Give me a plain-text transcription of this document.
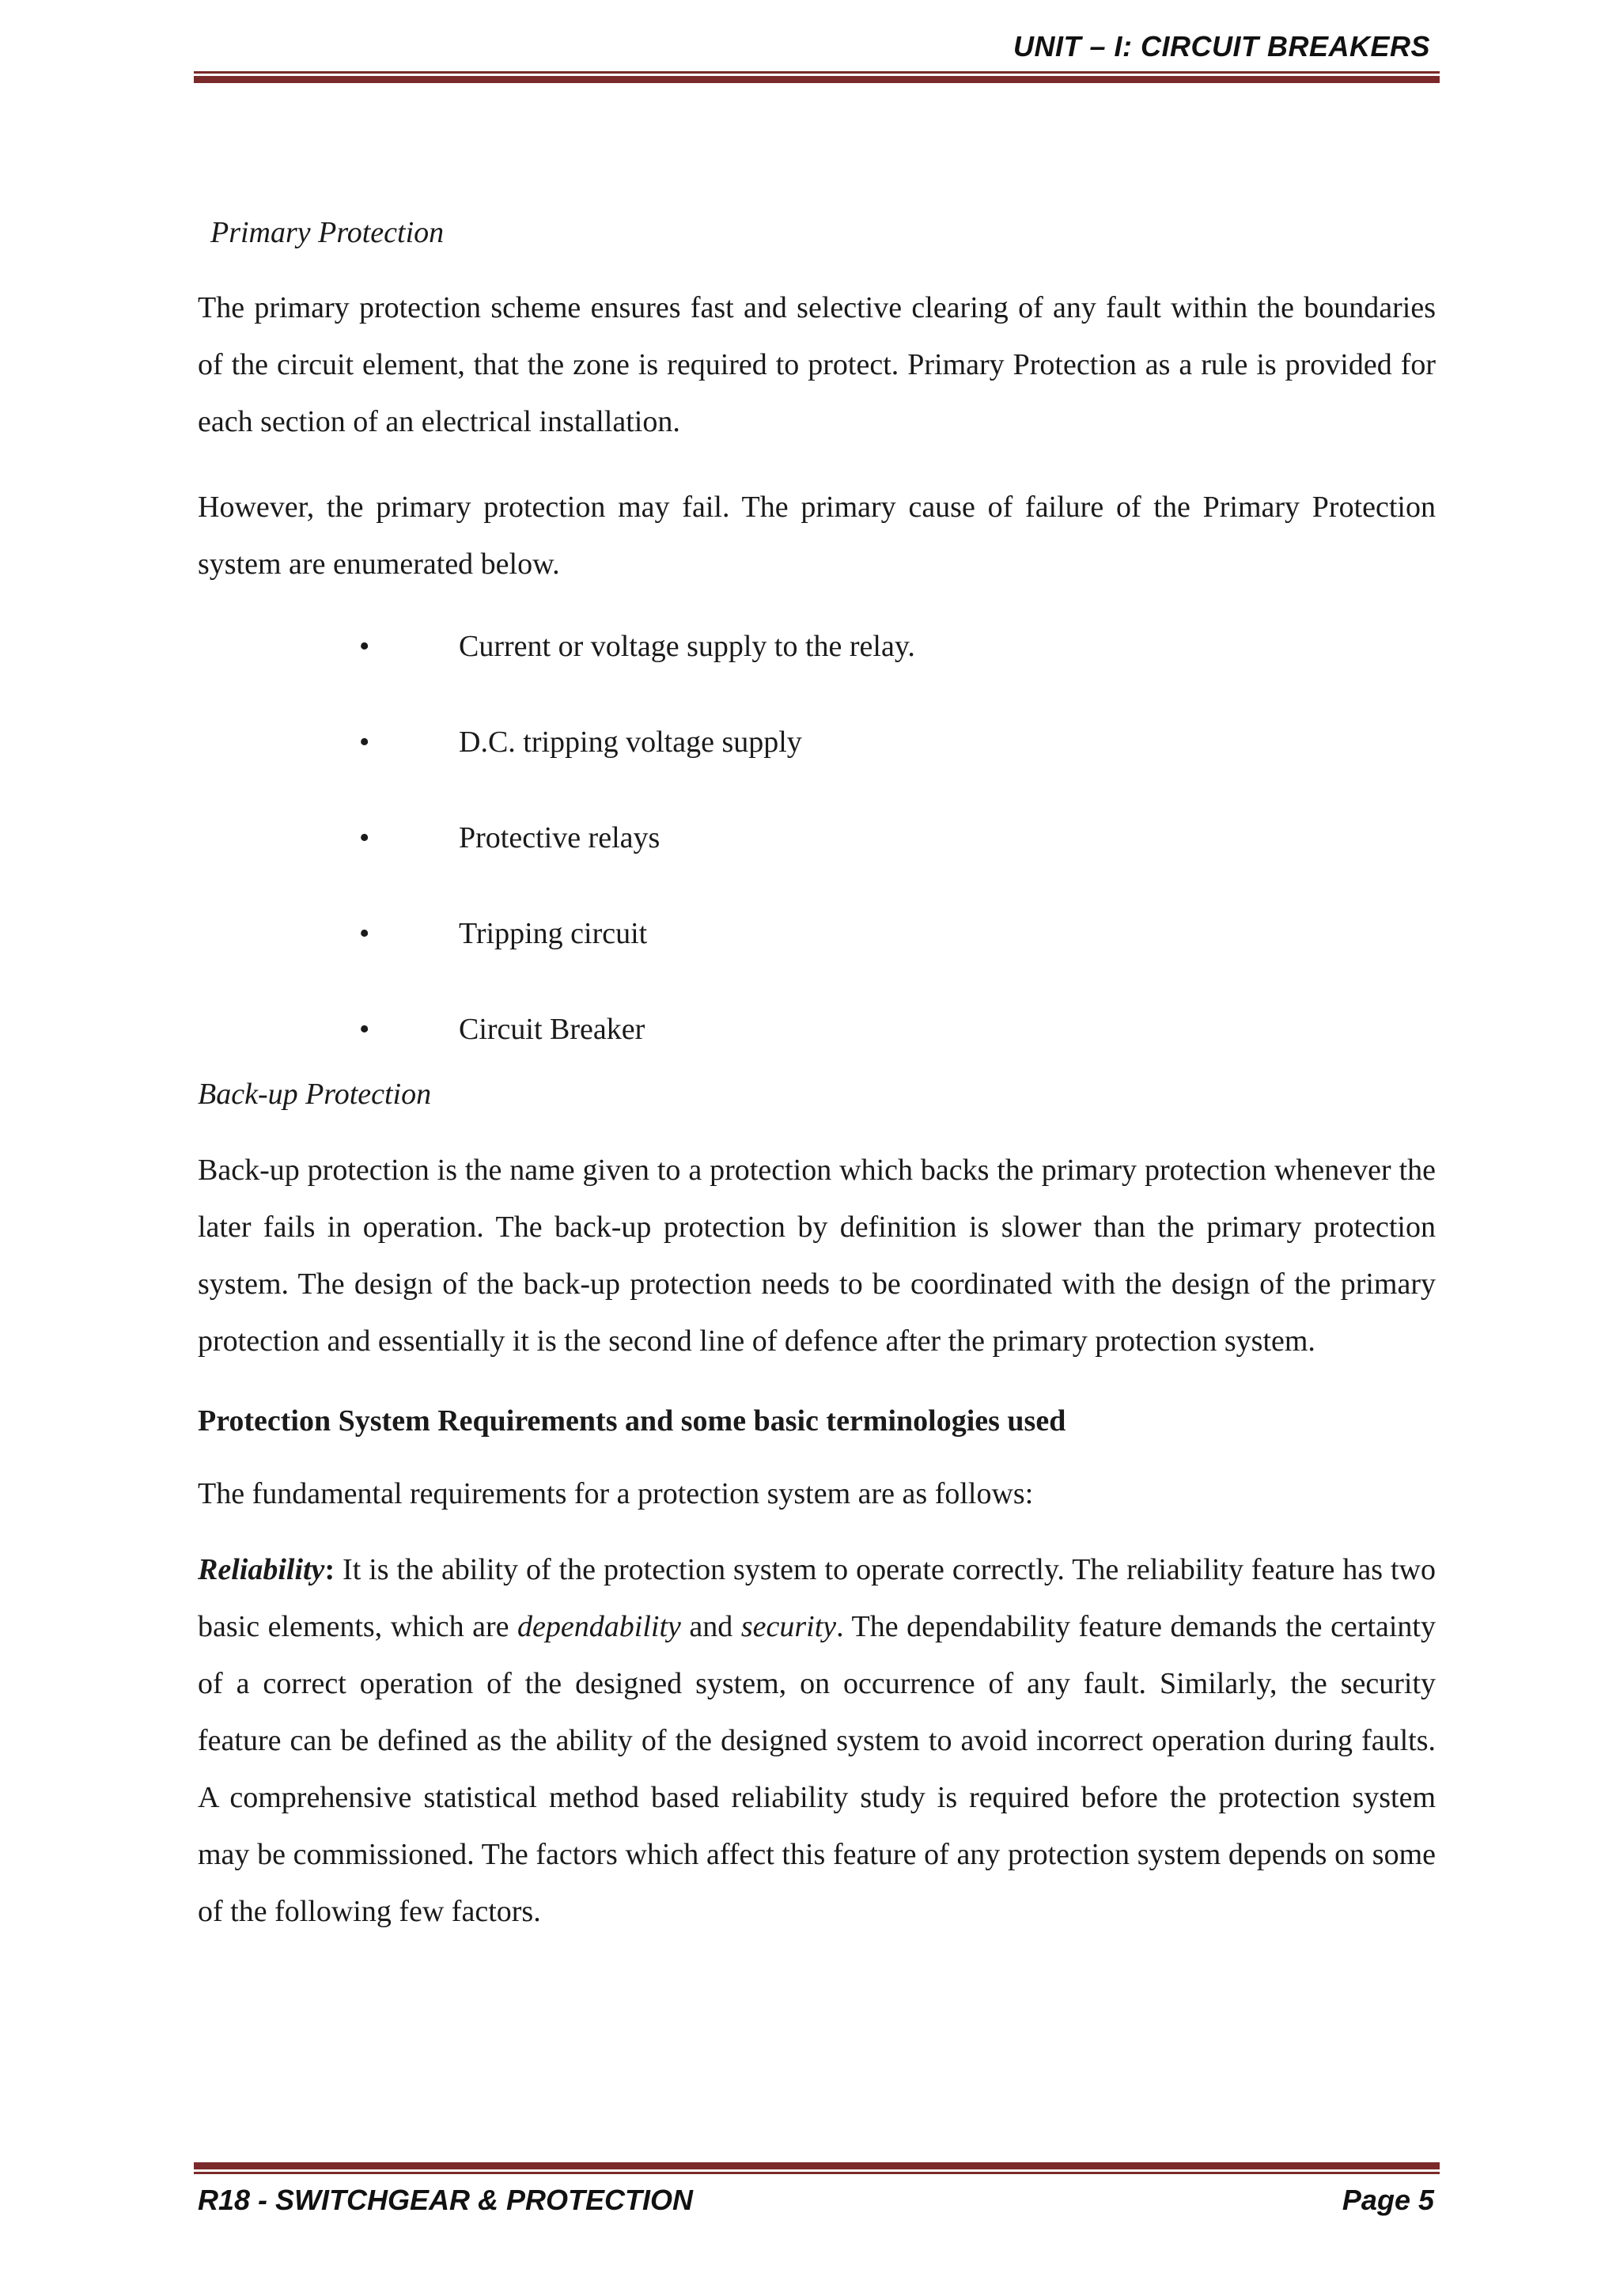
UNIT – I: CIRCUIT BREAKERS
Primary Protection

The primary protection scheme ensures fast and selective clearing of any fault within the boundaries of the circuit element, that the zone is required to protect. Primary Protection as a rule is provided for each section of an electrical installation.

However, the primary protection may fail. The primary cause of failure of the Primary Protection system are enumerated below.

•	Current or voltage supply to the relay.
•	D.C. tripping voltage supply
•	Protective relays
•	Tripping circuit
•	Circuit Breaker
Back-up Protection

Back-up protection is the name given to a protection which backs the primary protection whenever the later fails in operation. The back-up protection by definition is slower than the primary protection system. The design of the back-up protection needs to be coordinated with the design of the primary protection and essentially it is the second line of defence after the primary protection system.

Protection System Requirements and some basic terminologies used

The fundamental requirements for a protection system are as follows:

Reliability: It is the ability of the protection system to operate correctly. The reliability feature has two basic elements, which are dependability and security. The dependability feature demands the certainty of a correct operation of the designed system, on occurrence of any fault. Similarly, the security feature can be defined as the ability of the designed system to avoid incorrect operation during faults. A comprehensive statistical method based reliability study is required before the protection system may be commissioned. The factors which affect this feature of any protection system depends on some of the following few factors.

R18 - SWITCHGEAR & PROTECTION	Page 5
